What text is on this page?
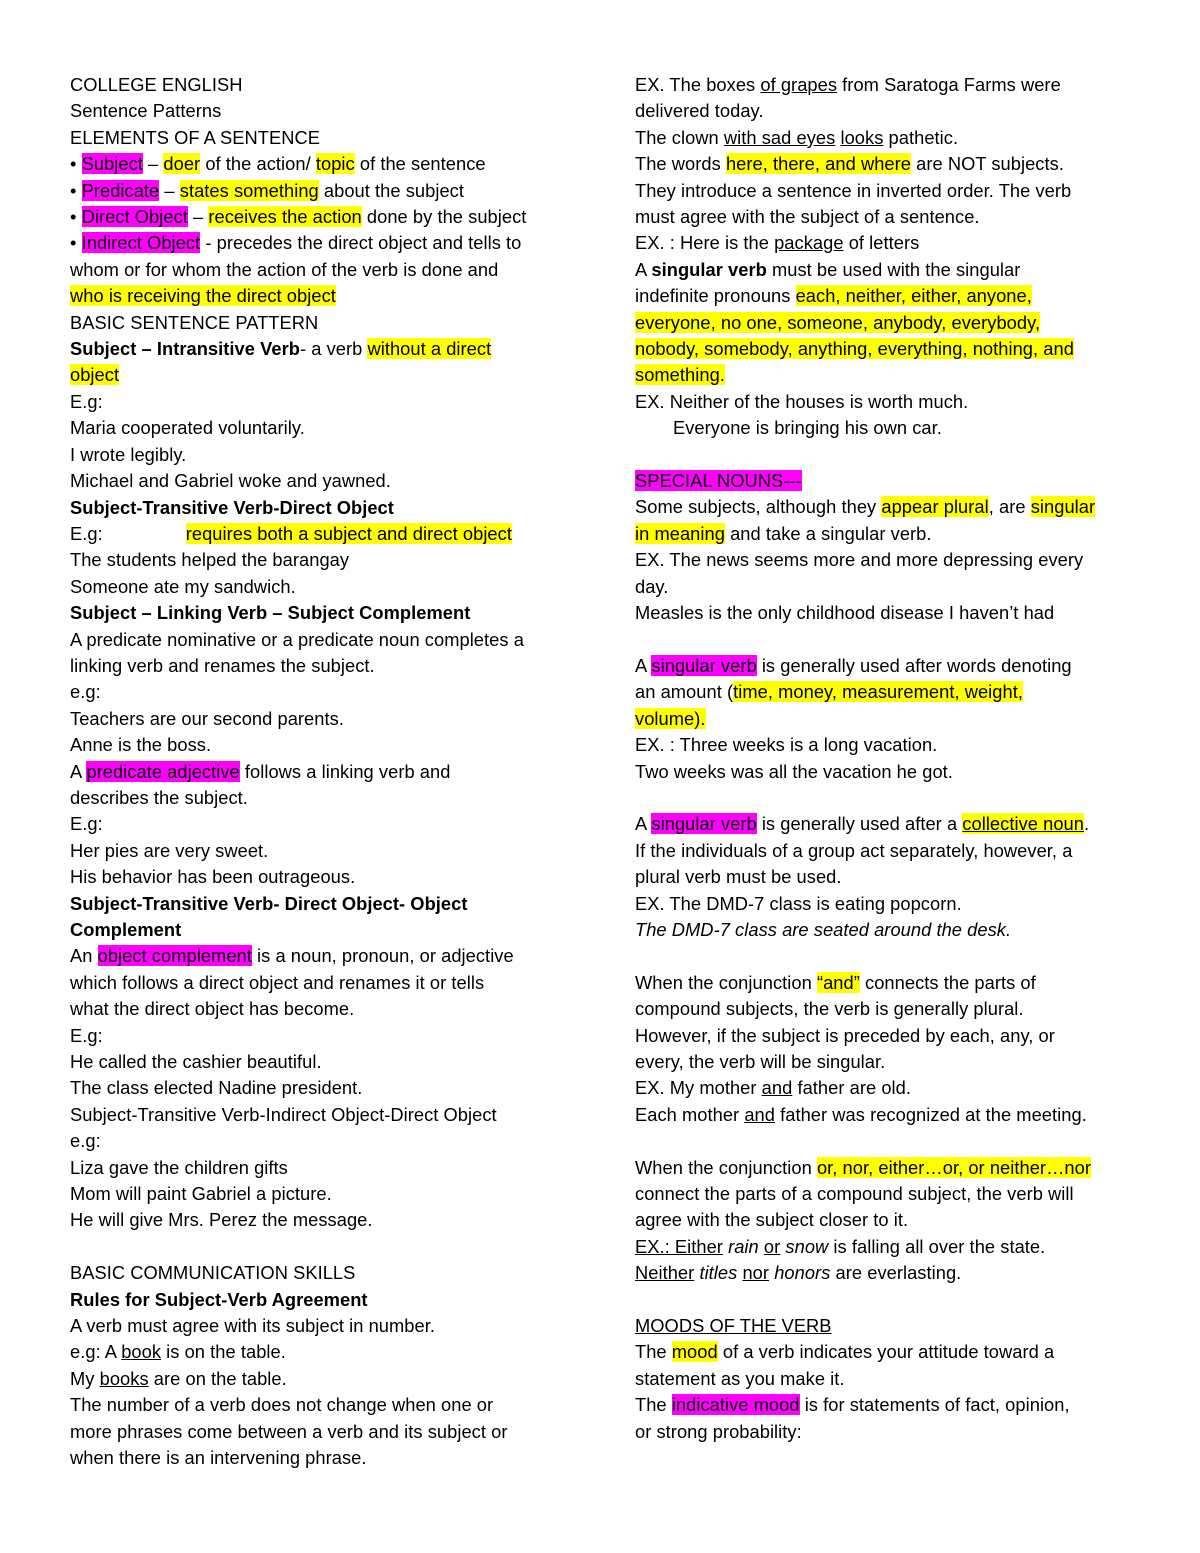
COLLEGE ENGLISH
Sentence Patterns
ELEMENTS OF A SENTENCE
• Subject – doer of the action/ topic of the sentence
• Predicate – states something about the subject
• Direct Object – receives the action done by the subject
• Indirect Object - precedes the direct object and tells to
whom or for whom the action of the verb is done and
who is receiving the direct object
BASIC SENTENCE PATTERN
Subject – Intransitive Verb- a verb without a direct
object
E.g:
Maria cooperated voluntarily.
I wrote legibly.
Michael and Gabriel woke and yawned.
Subject-Transitive Verb-Direct Object
E.g:	requires both a subject and direct object
The students helped the barangay
Someone ate my sandwich.
Subject – Linking Verb – Subject Complement
A predicate nominative or a predicate noun completes a
linking verb and renames the subject.
e.g:
Teachers are our second parents.
Anne is the boss.
A predicate adjective follows a linking verb and
describes the subject.
E.g:
Her pies are very sweet.
His behavior has been outrageous.
Subject-Transitive Verb- Direct Object- Object
Complement
An object complement is a noun, pronoun, or adjective
which follows a direct object and renames it or tells
what the direct object has become.
E.g:
He called the cashier beautiful.
The class elected Nadine president.
Subject-Transitive Verb-Indirect Object-Direct Object
e.g:
Liza gave the children gifts
Mom will paint Gabriel a picture.
He will give Mrs. Perez the message.
BASIC COMMUNICATION SKILLS
Rules for Subject-Verb Agreement
A verb must agree with its subject in number.
e.g: A book is on the table.
My books are on the table.
The number of a verb does not change when one or
more phrases come between a verb and its subject or
when there is an intervening phrase.
EX. The boxes of grapes from Saratoga Farms were
delivered today.
The clown with sad eyes looks pathetic.
The words here, there, and where are NOT subjects.
They introduce a sentence in inverted order. The verb
must agree with the subject of a sentence.
EX. : Here is the package of letters
A singular verb must be used with the singular
indefinite pronouns each, neither, either, anyone,
everyone, no one, someone, anybody, everybody,
nobody, somebody, anything, everything, nothing, and
something.
EX. Neither of the houses is worth much.
Everyone is bringing his own car.
SPECIAL NOUNS---
Some subjects, although they appear plural, are singular
in meaning and take a singular verb.
EX. The news seems more and more depressing every
day.
Measles is the only childhood disease I haven’t had
A singular verb is generally used after words denoting
an amount (time, money, measurement, weight,
volume).
EX. : Three weeks is a long vacation.
Two weeks was all the vacation he got.
A singular verb is generally used after a collective noun.
If the individuals of a group act separately, however, a
plural verb must be used.
EX. The DMD-7 class is eating popcorn.
The DMD-7 class are seated around the desk.
When the conjunction “and” connects the parts of
compound subjects, the verb is generally plural.
However, if the subject is preceded by each, any, or
every, the verb will be singular.
EX. My mother and father are old.
Each mother and father was recognized at the meeting.
When the conjunction or, nor, either…or, or neither…nor
connect the parts of a compound subject, the verb will
agree with the subject closer to it.
EX.: Either rain or snow is falling all over the state.
Neither titles nor honors are everlasting.
MOODS OF THE VERB
The mood of a verb indicates your attitude toward a
statement as you make it.
The indicative mood is for statements of fact, opinion,
or strong probability:
